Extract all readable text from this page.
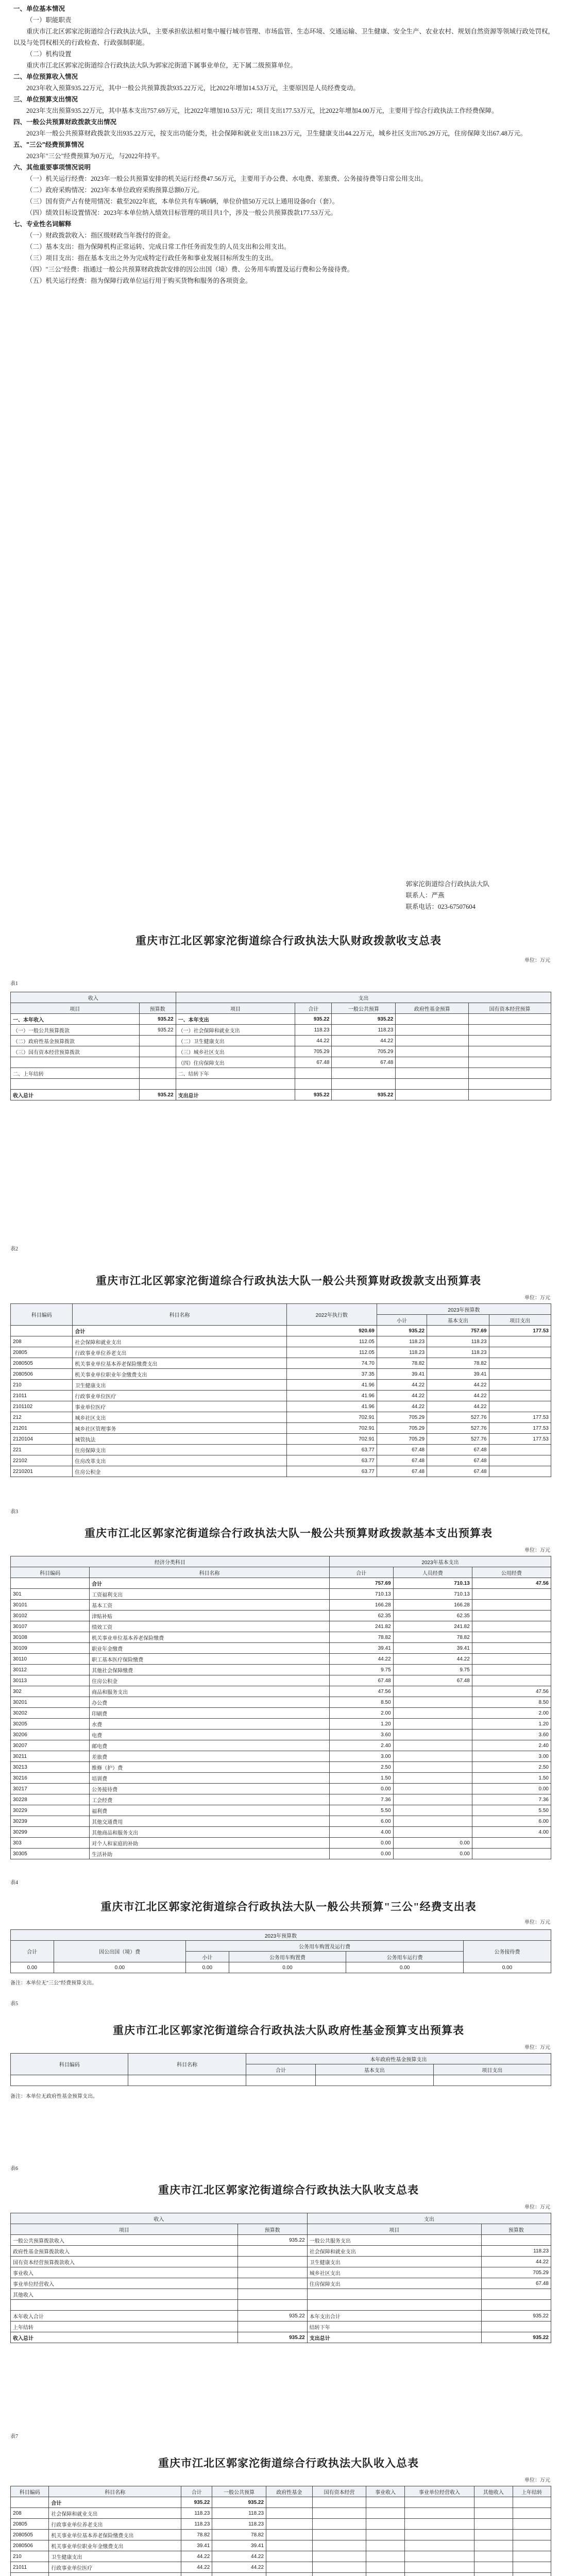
一、单位基本情况
（一）职能职责
重庆市江北区郭家沱街道综合行政执法大队，主要承担依法相对集中履行城市管理、市场监管、生态环境、交通运输、卫生健康、安全生产、农业农村、规划自然资源等领域行政处罚权，以及与处罚权相关的行政检查、行政强制职能。
（二）机构设置
重庆市江北区郭家沱街道综合行政执法大队为郭家沱街道下属事业单位，无下属二级预算单位。
二、单位预算收入情况
2023年收入预算935.22万元，其中一般公共预算拨款935.22万元，比2022年增加14.53万元，主要原因是人员经费变动。
三、单位预算支出情况
2023年支出预算935.22万元，其中基本支出757.69万元，比2022年增加10.53万元；项目支出177.53万元，比2022年增加4.00万元，主要用于综合行政执法工作经费保障。
四、一般公共预算财政拨款支出情况
2023年一般公共预算财政拨款支出935.22万元，按支出功能分类，社会保障和就业支出118.23万元，卫生健康支出44.22万元，城乡社区支出705.29万元，住房保障支出67.48万元。
五、"三公"经费预算情况
2023年"三公"经费预算为0万元，与2022年持平。
六、其他重要事项情况说明
（一）机关运行经费：2023年一般公共预算安排的机关运行经费47.56万元，主要用于办公费、水电费、差旅费、公务接待费等日常公用支出。
（二）政府采购情况：2023年本单位政府采购预算总额0万元。
（三）国有资产占有使用情况：截至2022年底，本单位共有车辆0辆，单位价值50万元以上通用设备0台（套）。
（四）绩效目标设置情况：2023年本单位纳入绩效目标管理的项目共1个，涉及一般公共预算拨款177.53万元。
七、专业性名词解释
（一）财政拨款收入：指区级财政当年拨付的资金。
（二）基本支出：指为保障机构正常运转、完成日常工作任务而发生的人员支出和公用支出。
（三）项目支出：指在基本支出之外为完成特定行政任务和事业发展目标所发生的支出。
（四）"三公"经费：指通过一般公共预算财政拨款安排的因公出国（境）费、公务用车购置及运行费和公务接待费。
（五）机关运行经费：指为保障行政单位运行用于购买货物和服务的各项资金。
郭家沱街道综合行政执法大队
联系人：严燕
联系电话：023-67507604
表1
重庆市江北区郭家沱街道综合行政执法大队财政拨款收支总表
单位：万元
收入		支出				
项目	预算数	项目	合计	一般公共预算	政府性基金预算	国有资本经营预算
一、本年收入	935.22	一、本年支出	935.22	935.22		
（一）一般公共预算拨款	935.22	（一）社会保障和就业支出	118.23	118.23		
（二）政府性基金预算拨款		（二）卫生健康支出	44.22	44.22		
（三）国有资本经营预算拨款		（三）城乡社区支出	705.29	705.29		
		（四）住房保障支出	67.48	67.48		
二、上年结转		二、结转下年				

收入总计	935.22	支出总计	935.22	935.22		
表2
重庆市江北区郭家沱街道综合行政执法大队一般公共预算财政拨款支出预算表
单位：万元
科目编码	科目名称	2022年执行数	2023年预算数		
			小计	基本支出	项目支出
	合计	920.69	935.22	757.69	177.53
208	社会保障和就业支出	112.05	118.23	118.23	
20805	行政事业单位养老支出	112.05	118.23	118.23	
2080505	机关事业单位基本养老保险缴费支出	74.70	78.82	78.82	
2080506	机关事业单位职业年金缴费支出	37.35	39.41	39.41	
210	卫生健康支出	41.96	44.22	44.22	
21011	行政事业单位医疗	41.96	44.22	44.22	
2101102	事业单位医疗	41.96	44.22	44.22	
212	城乡社区支出	702.91	705.29	527.76	177.53
21201	城乡社区管理事务	702.91	705.29	527.76	177.53
2120104	城管执法	702.91	705.29	527.76	177.53
221	住房保障支出	63.77	67.48	67.48	
22102	住房改革支出	63.77	67.48	67.48	
2210201	住房公积金	63.77	67.48	67.48	
表3
重庆市江北区郭家沱街道综合行政执法大队一般公共预算财政拨款基本支出预算表
单位：万元
经济分类科目		2023年基本支出		
科目编码	科目名称	合计	人员经费	公用经费
	合计	757.69	710.13	47.56
301	工资福利支出	710.13	710.13	
30101	基本工资	166.28	166.28	
30102	津贴补贴	62.35	62.35	
30107	绩效工资	241.82	241.82	
30108	机关事业单位基本养老保险缴费	78.82	78.82	
30109	职业年金缴费	39.41	39.41	
30110	职工基本医疗保险缴费	44.22	44.22	
30112	其他社会保障缴费	9.75	9.75	
30113	住房公积金	67.48	67.48	
302	商品和服务支出	47.56		47.56
30201	办公费	8.50		8.50
30202	印刷费	2.00		2.00
30205	水费	1.20		1.20
30206	电费	3.60		3.60
30207	邮电费	2.40		2.40
30211	差旅费	3.00		3.00
30213	维修（护）费	2.50		2.50
30216	培训费	1.50		1.50
30217	公务接待费	0.00		0.00
30228	工会经费	7.36		7.36
30229	福利费	5.50		5.50
30239	其他交通费用	6.00		6.00
30299	其他商品和服务支出	4.00		4.00
303	对个人和家庭的补助	0.00	0.00	
30305	生活补助	0.00	0.00	
表4
重庆市江北区郭家沱街道综合行政执法大队一般公共预算"三公"经费支出表
单位：万元
2023年预算数					
合计	因公出国（境）费	公务用车购置及运行费			公务接待费
		小计	公务用车购置费	公务用车运行费	
0.00	0.00	0.00	0.00	0.00	0.00
备注：本单位无"三公"经费预算支出。
表5
重庆市江北区郭家沱街道综合行政执法大队政府性基金预算支出预算表
单位：万元
科目编码	科目名称	本年政府性基金预算支出		
		合计	基本支出	项目支出

备注：本单位无政府性基金预算支出。
表6
重庆市江北区郭家沱街道综合行政执法大队收支总表
单位：万元
收入		支出	
项目	预算数	项目	预算数
一般公共预算拨款收入	935.22	一般公共服务支出	
政府性基金预算拨款收入		社会保障和就业支出	118.23
国有资本经营预算拨款收入		卫生健康支出	44.22
事业收入		城乡社区支出	705.29
事业单位经营收入		住房保障支出	67.48
其他收入			

本年收入合计	935.22	本年支出合计	935.22
上年结转		结转下年	
收入总计	935.22	支出总计	935.22
表7
重庆市江北区郭家沱街道综合行政执法大队收入总表
单位：万元
科目编码	科目名称	合计	一般公共预算	政府性基金	国有资本经营	事业收入	事业单位经营收入	其他收入	上年结转
	合计	935.22	935.22						
208	社会保障和就业支出	118.23	118.23						
20805	行政事业单位养老支出	118.23	118.23						
2080505	机关事业单位基本养老保险缴费支出	78.82	78.82						
2080506	机关事业单位职业年金缴费支出	39.41	39.41						
210	卫生健康支出	44.22	44.22						
21011	行政事业单位医疗	44.22	44.22						
